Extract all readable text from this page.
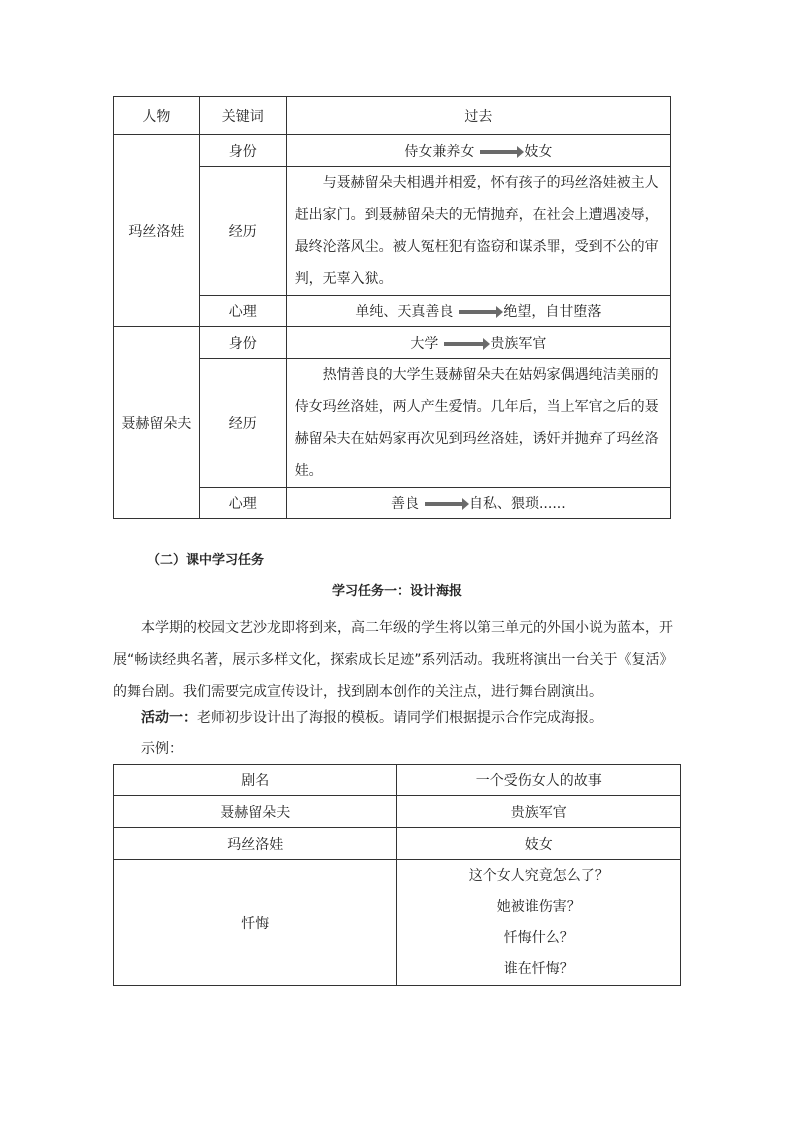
人物	关键词	过去
玛丝洛娃	身份	侍女兼养女 妓女
	经历	与聂赫留朵夫相遇并相爱，怀有孩子的玛丝洛娃被主人赶出家门。到聂赫留朵夫的无情抛弃，在社会上遭遇凌辱，最终沦落风尘。被人冤枉犯有盗窃和谋杀罪，受到不公的审判，无辜入狱。
	心理	单纯、天真善良 绝望，自甘堕落
聂赫留朵夫	身份	大学 贵族军官
	经历	热情善良的大学生聂赫留朵夫在姑妈家偶遇纯洁美丽的侍女玛丝洛娃，两人产生爱情。几年后，当上军官之后的聂赫留朵夫在姑妈家再次见到玛丝洛娃，诱奸并抛弃了玛丝洛娃。
	心理	善良 自私、猥琐......
（二）课中学习任务
学习任务一：设计海报
本学期的校园文艺沙龙即将到来，高二年级的学生将以第三单元的外国小说为蓝本，开展“畅读经典名著，展示多样文化，探索成长足迹”系列活动。我班将演出一台关于《复活》的舞台剧。我们需要完成宣传设计，找到剧本创作的关注点，进行舞台剧演出。
活动一：老师初步设计出了海报的模板。请同学们根据提示合作完成海报。
示例：
剧名	一个受伤女人的故事
聂赫留朵夫	贵族军官
玛丝洛娃	妓女
忏悔	这个女人究竟怎么了？
她被谁伤害？
忏悔什么？
谁在忏悔？
